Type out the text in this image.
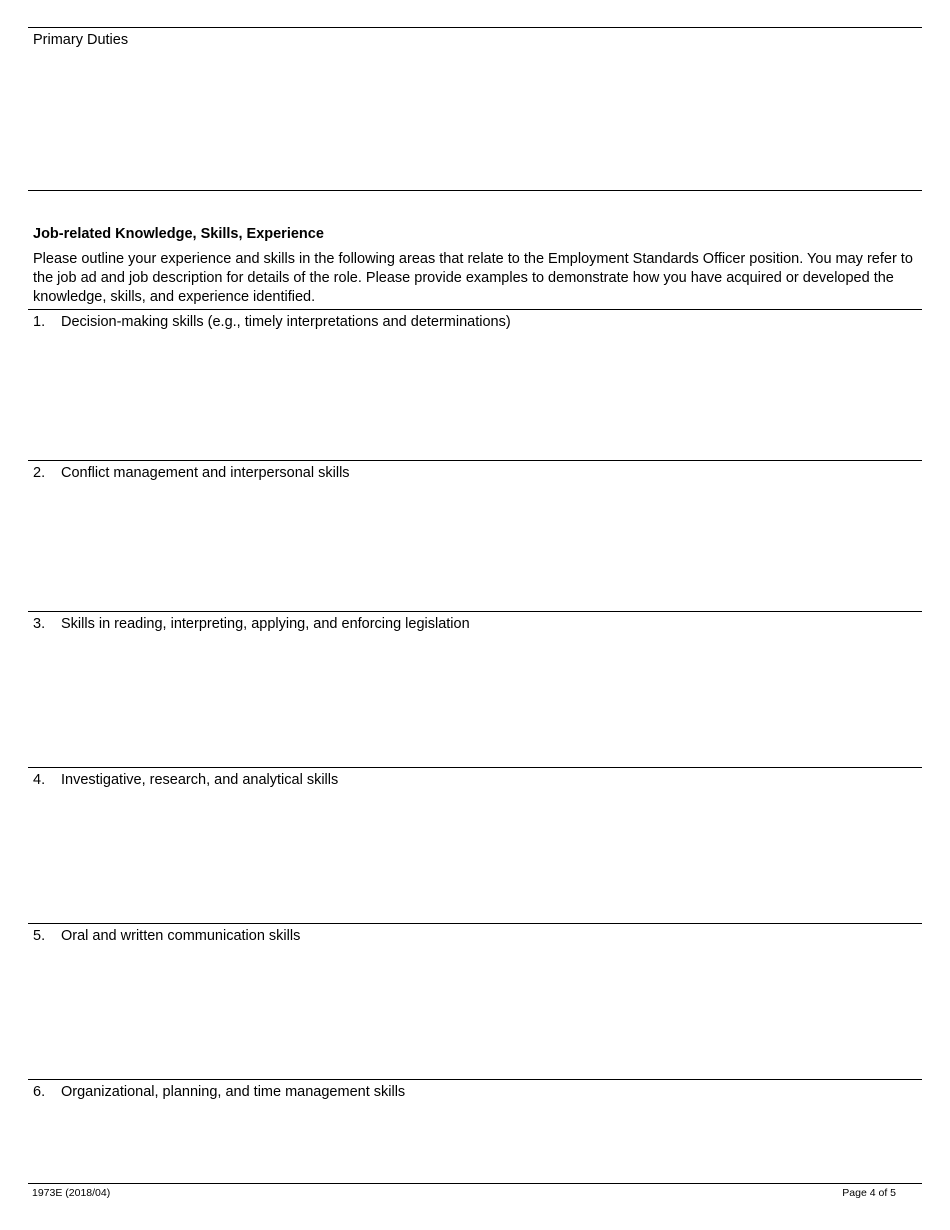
Primary Duties
Job-related Knowledge, Skills, Experience
Please outline your experience and skills in the following areas that relate to the Employment Standards Officer position. You may refer to the job ad and job description for details of the role. Please provide examples to demonstrate how you have acquired or developed the knowledge, skills, and experience identified.
1. Decision-making skills (e.g., timely interpretations and determinations)
2. Conflict management and interpersonal skills
3. Skills in reading, interpreting, applying, and enforcing legislation
4. Investigative, research, and analytical skills
5. Oral and written communication skills
6. Organizational, planning, and time management skills
1973E (2018/04)	Page 4 of 5
